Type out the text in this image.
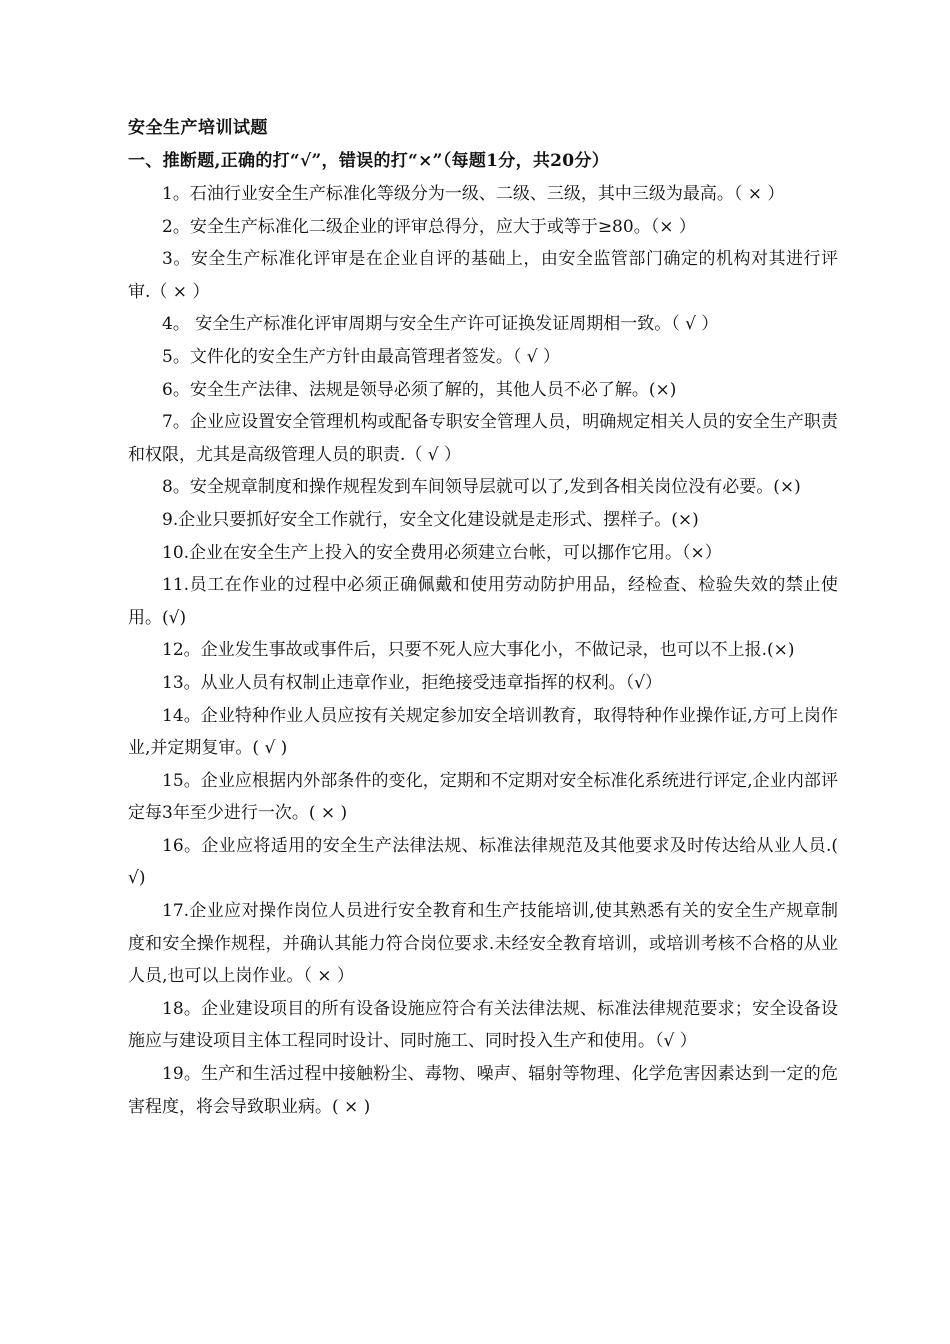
安全生产培训试题
一、推断题,正确的打“√”，错误的打“×”（每题1分，共20分）

1。石油行业安全生产标准化等级分为一级、二级、三级，其中三级为最高。（ × ）

2。安全生产标准化二级企业的评审总得分，应大于或等于≥80。（× ）

3。安全生产标准化评审是在企业自评的基础上，由安全监管部门确定的机构对其进行评审.（ × ）

4。 安全生产标准化评审周期与安全生产许可证换发证周期相一致。（ √ ）

5。文件化的安全生产方针由最高管理者签发。（ √ ）

6。安全生产法律、法规是领导必须了解的，其他人员不必了解。(×)

7。企业应设置安全管理机构或配备专职安全管理人员，明确规定相关人员的安全生产职责和权限，尤其是高级管理人员的职责.（ √ ）

8。安全规章制度和操作规程发到车间领导层就可以了,发到各相关岗位没有必要。(×)

9.企业只要抓好安全工作就行，安全文化建设就是走形式、摆样子。(×)

10.企业在安全生产上投入的安全费用必须建立台帐，可以挪作它用。（×）

11.员工在作业的过程中必须正确佩戴和使用劳动防护用品，经检查、检验失效的禁止使用。(√)

12。企业发生事故或事件后，只要不死人应大事化小，不做记录，也可以不上报.(×)

13。从业人员有权制止违章作业，拒绝接受违章指挥的权利。（√）

14。企业特种作业人员应按有关规定参加安全培训教育，取得特种作业操作证,方可上岗作业,并定期复审。( √ )

15。企业应根据内外部条件的变化，定期和不定期对安全标准化系统进行评定,企业内部评定每3年至少进行一次。( × )

16。企业应将适用的安全生产法律法规、标准法律规范及其他要求及时传达给从业人员.( √)

17.企业应对操作岗位人员进行安全教育和生产技能培训,使其熟悉有关的安全生产规章制度和安全操作规程，并确认其能力符合岗位要求.未经安全教育培训，或培训考核不合格的从业人员,也可以上岗作业。（ × ）

18。企业建设项目的所有设备设施应符合有关法律法规、标准法律规范要求；安全设备设施应与建设项目主体工程同时设计、同时施工、同时投入生产和使用。（√ ）

19。生产和生活过程中接触粉尘、毒物、噪声、辐射等物理、化学危害因素达到一定的危害程度，将会导致职业病。( × )
